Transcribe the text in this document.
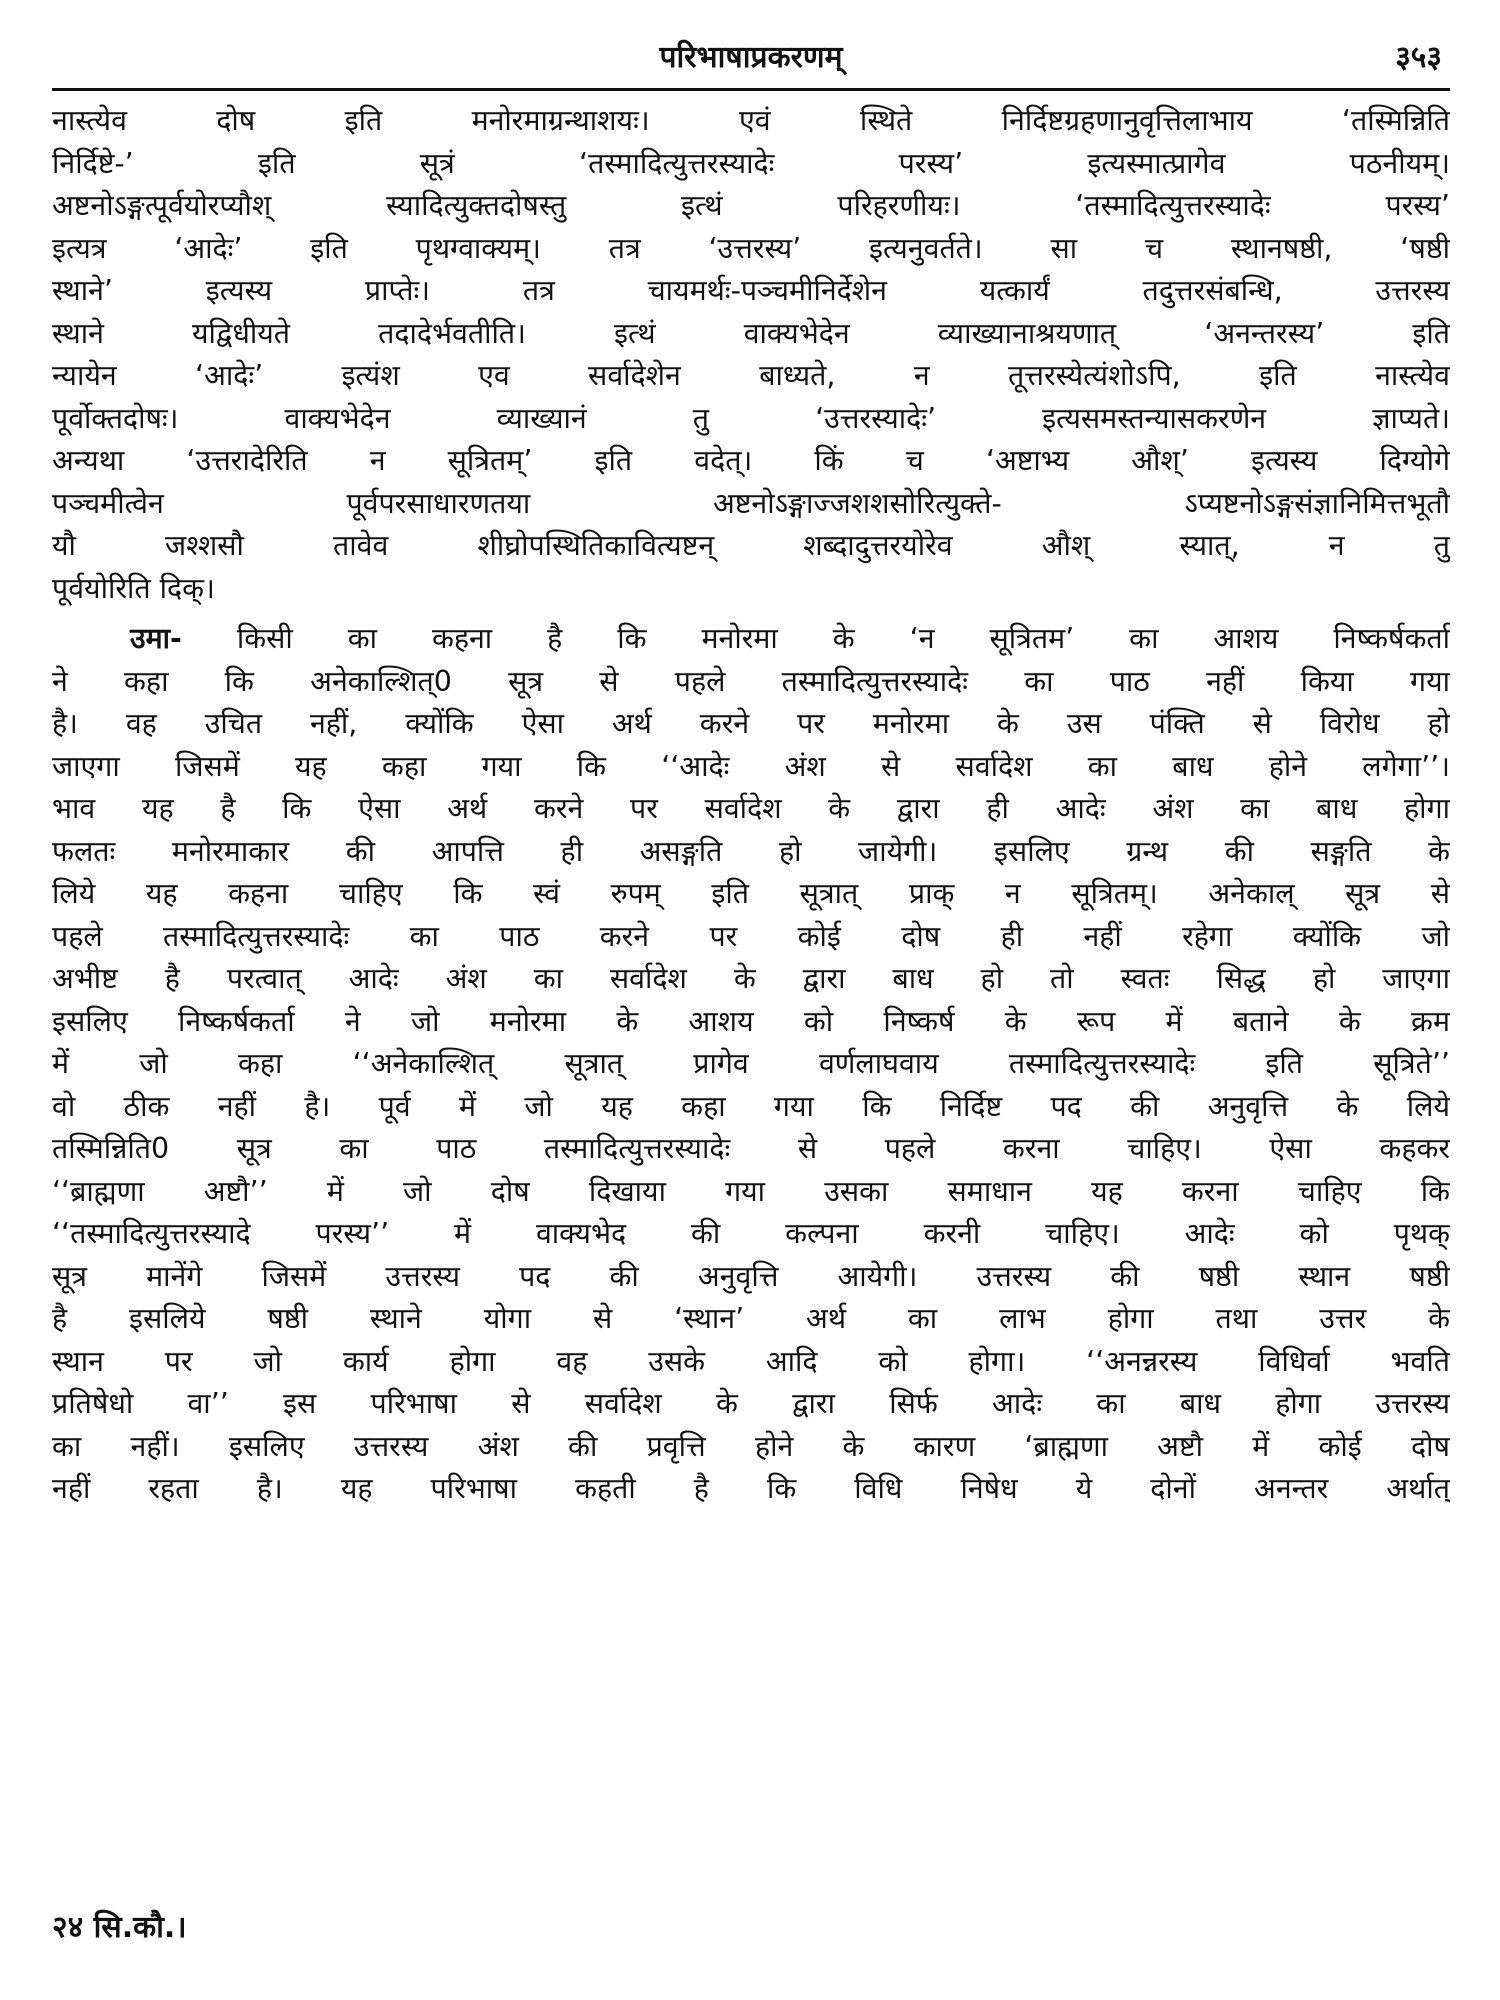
परिभाषाप्रकरणम्	३५३
नास्त्येव दोष इति मनोरमाग्रन्थाशयः। एवं स्थिते निर्दिष्टग्रहणानुवृत्तिलाभाय ‘तस्मिन्निति
निर्दिष्टे-’ इति सूत्रं ‘तस्मादित्युत्तरस्यादेः परस्य’ इत्यस्मात्प्रागेव पठनीयम्।
अष्टनोऽङ्गत्पूर्वयोरप्यौश् स्यादित्युक्तदोषस्तु इत्थं परिहरणीयः। ‘तस्मादित्युत्तरस्यादेः परस्य’
इत्यत्र ‘आदेः’ इति पृथग्वाक्यम्। तत्र ‘उत्तरस्य’ इत्यनुवर्तते। सा च स्थानषष्ठी, ‘षष्ठी
स्थाने’ इत्यस्य प्राप्तेः। तत्र चायमर्थः-पञ्चमीनिर्देशेन यत्कार्यं तदुत्तरसंबन्धि, उत्तरस्य
स्थाने यद्विधीयते तदादेर्भवतीति। इत्थं वाक्यभेदेन व्याख्यानाश्रयणात् ‘अनन्तरस्य’ इति
न्यायेन ‘आदेः’ इत्यंश एव सर्वादेशेन बाध्यते, न तूत्तरस्येत्यंशोऽपि, इति नास्त्येव
पूर्वोक्तदोषः। वाक्यभेदेन व्याख्यानं तु ‘उत्तरस्यादेः’ इत्यसमस्तन्यासकरणेन ज्ञाप्यते।
अन्यथा ‘उत्तरादेरिति न सूत्रितम्’ इति वदेत्। किं च ‘अष्टाभ्य औश्’ इत्यस्य दिग्योगे
पञ्चमीत्वेन पूर्वपरसाधारणतया अष्टनोऽङ्गाज्जशशसोरित्युक्ते- ऽप्यष्टनोऽङ्गसंज्ञानिमित्तभूतौ
यौ जश्शसौ तावेव शीघ्रोपस्थितिकावित्यष्टन् शब्दादुत्तरयोरेव औश् स्यात्, न तु
पूर्वयोरिति दिक्।
उमा- किसी का कहना है कि मनोरमा के ‘न सूत्रितम’ का आशय निष्कर्षकर्ता
ने कहा कि अनेकाल्शित्0 सूत्र से पहले तस्मादित्युत्तरस्यादेः का पाठ नहीं किया गया
है। वह उचित नहीं, क्योंकि ऐसा अर्थ करने पर मनोरमा के उस पंक्ति से विरोध हो
जाएगा जिसमें यह कहा गया कि ‘‘आदेः अंश से सर्वादेश का बाध होने लगेगा’’।
भाव यह है कि ऐसा अर्थ करने पर सर्वादेश के द्वारा ही आदेः अंश का बाध होगा
फलतः मनोरमाकार की आपत्ति ही असङ्गति हो जायेगी। इसलिए ग्रन्थ की सङ्गति के
लिये यह कहना चाहिए कि स्वं रुपम् इति सूत्रात् प्राक् न सूत्रितम्। अनेकाल् सूत्र से
पहले तस्मादित्युत्तरस्यादेः का पाठ करने पर कोई दोष ही नहीं रहेगा क्योंकि जो
अभीष्ट है परत्वात् आदेः अंश का सर्वादेश के द्वारा बाध हो तो स्वतः सिद्ध हो जाएगा
इसलिए निष्कर्षकर्ता ने जो मनोरमा के आशय को निष्कर्ष के रूप में बताने के क्रम
में जो कहा ‘‘अनेकाल्शित् सूत्रात् प्रागेव वर्णलाघवाय तस्मादित्युत्तरस्यादेः इति सूत्रिते’’
वो ठीक नहीं है। पूर्व में जो यह कहा गया कि निर्दिष्ट पद की अनुवृत्ति के लिये
तस्मिन्निति0 सूत्र का पाठ तस्मादित्युत्तरस्यादेः से पहले करना चाहिए। ऐसा कहकर
‘‘ब्राह्मणा अष्टौ’’ में जो दोष दिखाया गया उसका समाधान यह करना चाहिए कि
‘‘तस्मादित्युत्तरस्यादे परस्य’’ में वाक्यभेद की कल्पना करनी चाहिए। आदेः को पृथक्
सूत्र मानेंगे जिसमें उत्तरस्य पद की अनुवृत्ति आयेगी। उत्तरस्य की षष्ठी स्थान षष्ठी
है इसलिये षष्ठी स्थाने योगा से ‘स्थान’ अर्थ का लाभ होगा तथा उत्तर के
स्थान पर जो कार्य होगा वह उसके आदि को होगा। ‘‘अनन्नरस्य विधिर्वा भवति
प्रतिषेधो वा’’ इस परिभाषा से सर्वादेश के द्वारा सिर्फ आदेः का बाध होगा उत्तरस्य
का नहीं। इसलिए उत्तरस्य अंश की प्रवृत्ति होने के कारण ‘ब्राह्मणा अष्टौ में कोई दोष
नहीं रहता है। यह परिभाषा कहती है कि विधि निषेध ये दोनों अनन्तर अर्थात्
२४ सि.कौ.।
